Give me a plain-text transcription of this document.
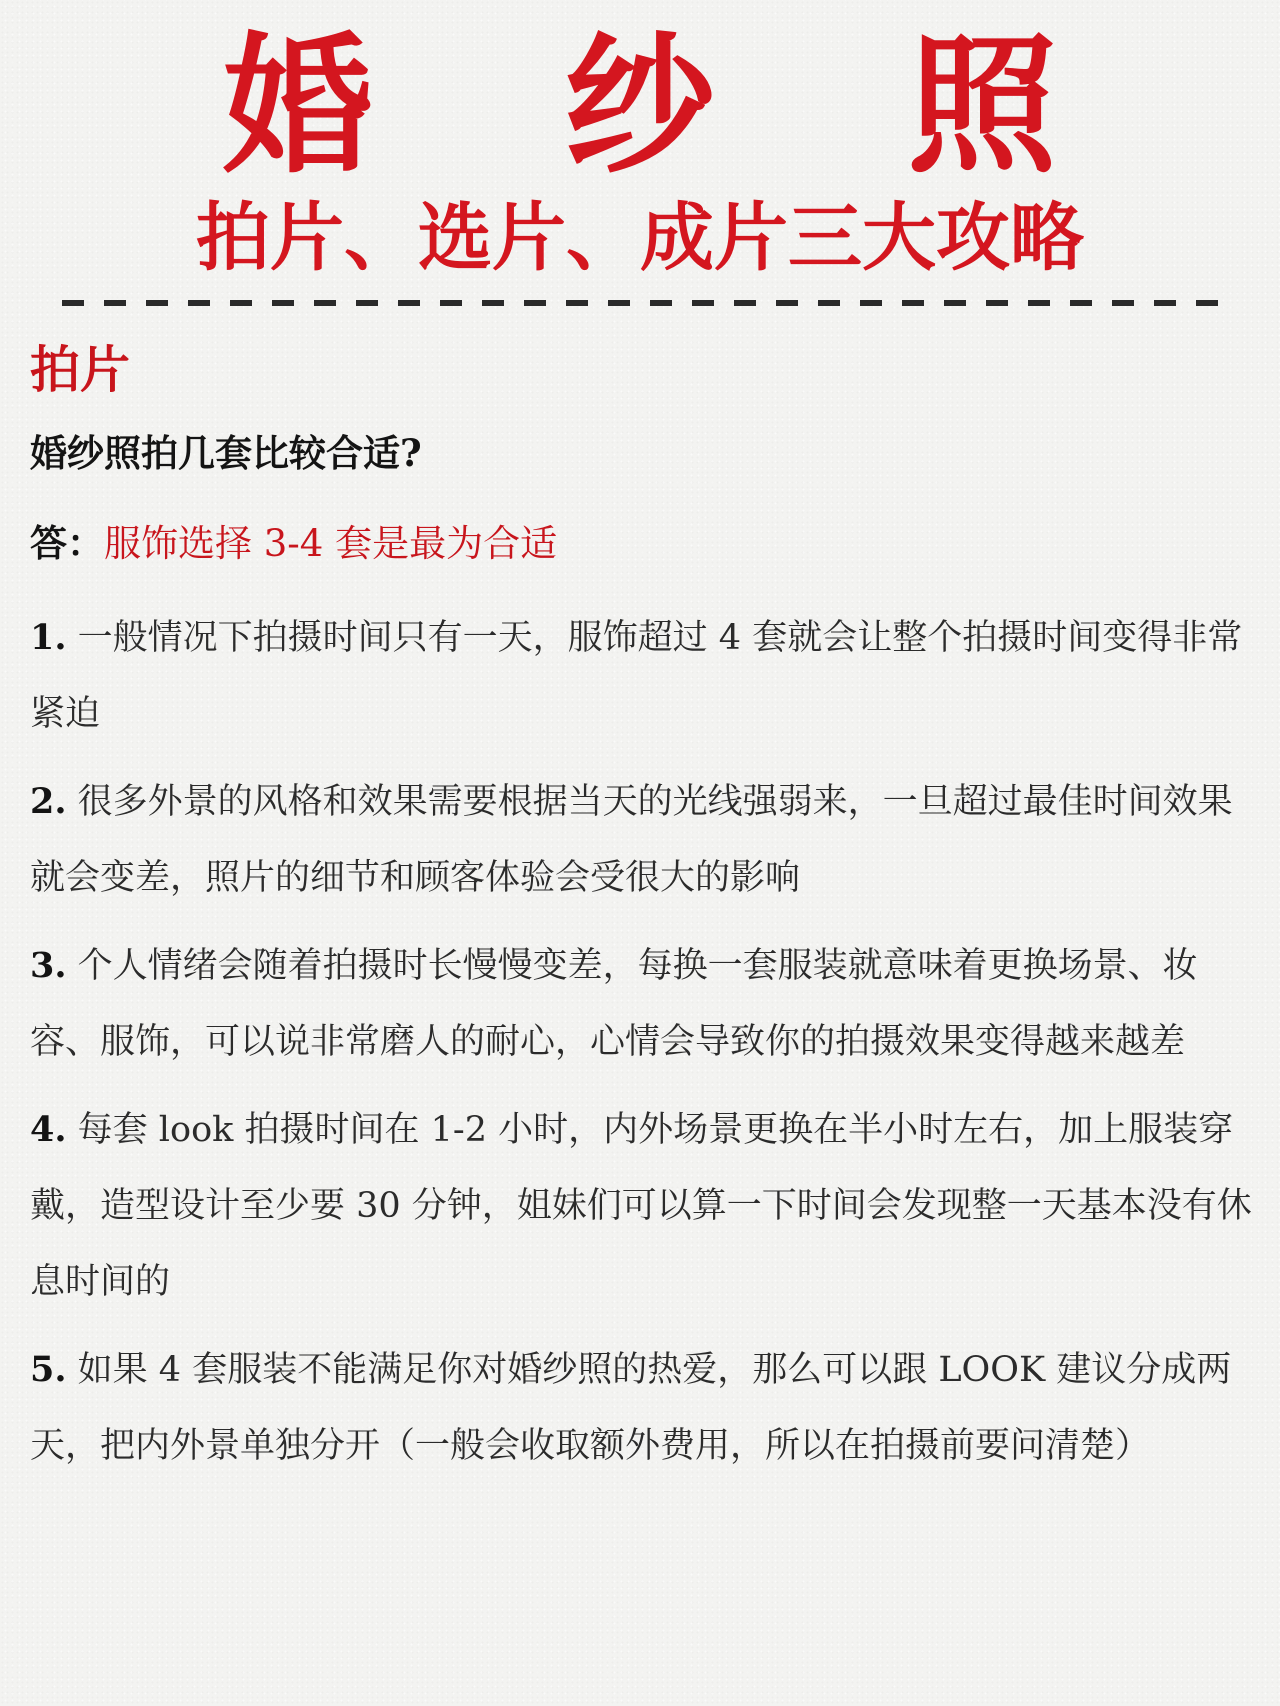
婚 纱 照
拍片、选片、成片三大攻略
拍片
婚纱照拍几套比较合适?
答：服饰选择 3-4 套是最为合适
1. 一般情况下拍摄时间只有一天，服饰超过 4 套就会让整个拍摄时间变得非常紧迫
2. 很多外景的风格和效果需要根据当天的光线强弱来，一旦超过最佳时间效果就会变差，照片的细节和顾客体验会受很大的影响
3. 个人情绪会随着拍摄时长慢慢变差，每换一套服装就意味着更换场景、妆容、服饰，可以说非常磨人的耐心，心情会导致你的拍摄效果变得越来越差
4. 每套 look 拍摄时间在 1-2 小时，内外场景更换在半小时左右，加上服装穿戴，造型设计至少要 30 分钟，姐妹们可以算一下时间会发现整一天基本没有休息时间的
5. 如果 4 套服装不能满足你对婚纱照的热爱，那么可以跟 LOOK 建议分成两天，把内外景单独分开（一般会收取额外费用，所以在拍摄前要问清楚）
